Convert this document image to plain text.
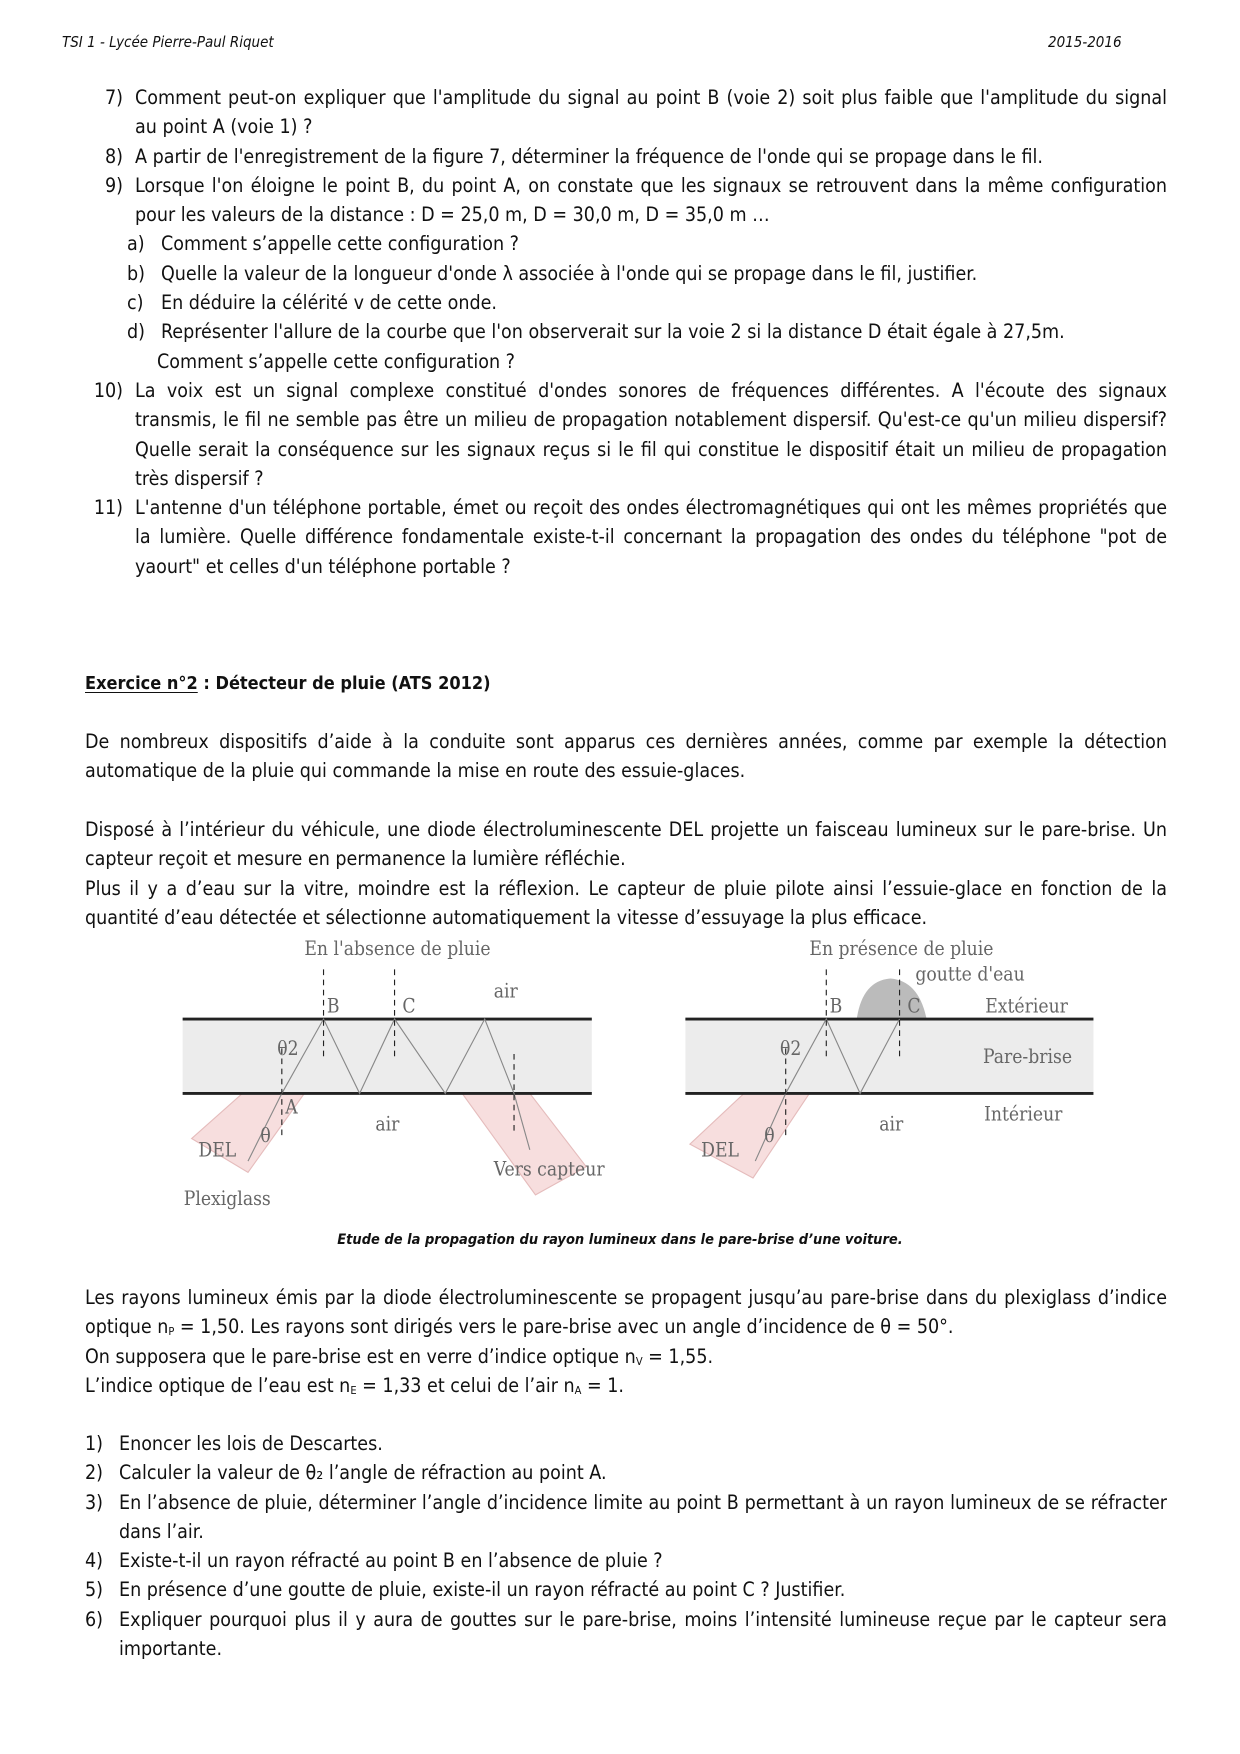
TSI 1 - Lycée Pierre-Paul Riquet	2015-2016
7) Comment peut-on expliquer que l'amplitude du signal au point B (voie 2) soit plus faible que l'amplitude du signal au point A (voie 1) ?
8) A partir de l'enregistrement de la figure 7, déterminer la fréquence de l'onde qui se propage dans le fil.
9) Lorsque l'on éloigne le point B, du point A, on constate que les signaux se retrouvent dans la même configuration pour les valeurs de la distance : D = 25,0 m, D = 30,0 m, D = 35,0 m …
a) Comment s’appelle cette configuration ?
b) Quelle la valeur de la longueur d'onde λ associée à l'onde qui se propage dans le fil, justifier.
c) En déduire la célérité v de cette onde.
d) Représenter l'allure de la courbe que l'on observerait sur la voie 2 si la distance D était égale à 27,5m.
Comment s’appelle cette configuration ?
10) La voix est un signal complexe constitué d'ondes sonores de fréquences différentes. A l'écoute des signaux transmis, le fil ne semble pas être un milieu de propagation notablement dispersif. Qu'est-ce qu'un milieu dispersif? Quelle serait la conséquence sur les signaux reçus si le fil qui constitue le dispositif était un milieu de propagation très dispersif ?
11) L'antenne d'un téléphone portable, émet ou reçoit des ondes électromagnétiques qui ont les mêmes propriétés que la lumière. Quelle différence fondamentale existe-t-il concernant la propagation des ondes du téléphone "pot de yaourt" et celles d'un téléphone portable ?
Exercice n°2 : Détecteur de pluie (ATS 2012)
De nombreux dispositifs d’aide à la conduite sont apparus ces dernières années, comme par exemple la détection automatique de la pluie qui commande la mise en route des essuie-glaces.

Disposé à l’intérieur du véhicule, une diode électroluminescente DEL projette un faisceau lumineux sur le pare-brise. Un capteur reçoit et mesure en permanence la lumière réfléchie.

Plus il y a d’eau sur la vitre, moindre est la réflexion. Le capteur de pluie pilote ainsi l’essuie-glace en fonction de la quantité d’eau détectée et sélectionne automatiquement la vitesse d’essuyage la plus efficace.

En l'absence de pluie
B	C
air
θ2
A
air
θ
DEL
Plexiglass
Vers capteur
En présence de pluie
goutte d'eau
B	C	Extérieur
Pare-brise
Intérieur
θ2
air
θ
DEL
Etude de la propagation du rayon lumineux dans le pare-brise d’une voiture.

Les rayons lumineux émis par la diode électroluminescente se propagent jusqu’au pare-brise dans du plexiglass d’indice optique $n_P = 1,50$. Les rayons sont dirigés vers le pare-brise avec un angle d’incidence de θ = 50°.

On supposera que le pare-brise est en verre d’indice optique $n_V = 1,55$.

L’indice optique de l’eau est $n_E = 1,33$ et celui de l’air $n_A = 1$.

1) Enoncer les lois de Descartes.
2) Calculer la valeur de θ₂ l’angle de réfraction au point A.
3) En l’absence de pluie, déterminer l’angle d’incidence limite au point B permettant à un rayon lumineux de se réfracter dans l’air.
4) Existe-t-il un rayon réfracté au point B en l’absence de pluie ?
5) En présence d’une goutte de pluie, existe-il un rayon réfracté au point C ? Justifier.
6) Expliquer pourquoi plus il y aura de gouttes sur le pare-brise, moins l’intensité lumineuse reçue par le capteur sera importante.
